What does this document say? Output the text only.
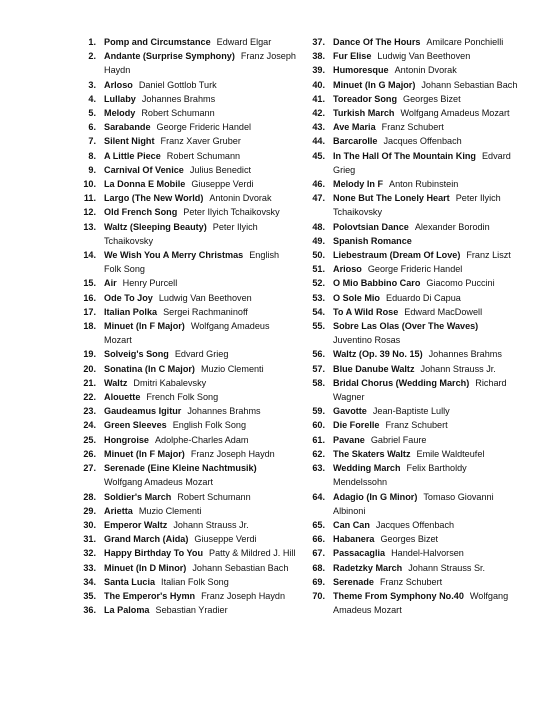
1. Pomp and Circumstance Edward Elgar
2. Andante (Surprise Symphony) Franz Joseph Haydn
3. Arloso Daniel Gottlob Turk
4. Lullaby Johannes Brahms
5. Melody Robert Schumann
6. Sarabande George Frideric Handel
7. Silent Night Franz Xaver Gruber
8. A Little Piece Robert Schumann
9. Carnival Of Venice Julius Benedict
10. La Donna E Mobile Giuseppe Verdi
11. Largo (The New World) Antonin Dvorak
12. Old French Song Peter Ilyich Tchaikovsky
13. Waltz (Sleeping Beauty) Peter Ilyich Tchaikovsky
14. We Wish You A Merry Christmas English Folk Song
15. Air Henry Purcell
16. Ode To Joy Ludwig Van Beethoven
17. Italian Polka Sergei Rachmaninoff
18. Minuet (In F Major) Wolfgang Amadeus Mozart
19. Solveig's Song Edvard Grieg
20. Sonatina (In C Major) Muzio Clementi
21. Waltz Dmitri Kabalevsky
22. Alouette French Folk Song
23. Gaudeamus Igitur Johannes Brahms
24. Green Sleeves English Folk Song
25. Hongroise Adolphe-Charles Adam
26. Minuet (In F Major) Franz Joseph Haydn
27. Serenade (Eine Kleine Nachtmusik)Wolfgang Amadeus Mozart
28. Soldier's March Robert Schumann
29. Arietta Muzio Clementi
30. Emperor Waltz Johann Strauss Jr.
31. Grand March (Aida) Giuseppe Verdi
32. Happy Birthday To You Patty & Mildred J. Hill
33. Minuet (In D Minor) Johann Sebastian Bach
34. Santa Lucia Italian Folk Song
35. The Emperor's Hymn Franz Joseph Haydn
36. La Paloma Sebastian Yradier
37. Dance Of The Hours Amilcare Ponchielli
38. Fur Elise Ludwig Van Beethoven
39. Humoresque Antonin Dvorak
40. Minuet (In G Major) Johann Sebastian Bach
41. Toreador Song Georges Bizet
42. Turkish March Wolfgang Amadeus Mozart
43. Ave Maria Franz Schubert
44. Barcarolle Jacques Offenbach
45. In The Hall Of The Mountain King Edvard Grieg
46. Melody In F Anton Rubinstein
47. None But The Lonely Heart Peter Ilyich Tchaikovsky
48. Polovtsian Dance Alexander Borodin
49. Spanish Romance
50. Liebestraum (Dream Of Love) Franz Liszt
51. Arioso George Frideric Handel
52. O Mio Babbino Caro Giacomo Puccini
53. O Sole Mio Eduardo Di Capua
54. To A Wild Rose Edward MacDowell
55. Sobre Las Olas (Over The Waves)Juventino Rosas
56. Waltz (Op. 39 No. 15) Johannes Brahms
57. Blue Danube Waltz Johann Strauss Jr.
58. Bridal Chorus (Wedding March) Richard Wagner
59. Gavotte Jean-Baptiste Lully
60. Die Forelle Franz Schubert
61. Pavane Gabriel Faure
62. The Skaters Waltz Emile Waldteufel
63. Wedding March Felix Bartholdy Mendelssohn
64. Adagio (In G Minor) Tomaso Giovanni Albinoni
65. Can Can Jacques Offenbach
66. Habanera Georges Bizet
67. Passacaglia Handel-Halvorsen
68. Radetzky March Johann Strauss Sr.
69. Serenade Franz Schubert
70. Theme From Symphony No.40 Wolfgang Amadeus Mozart
